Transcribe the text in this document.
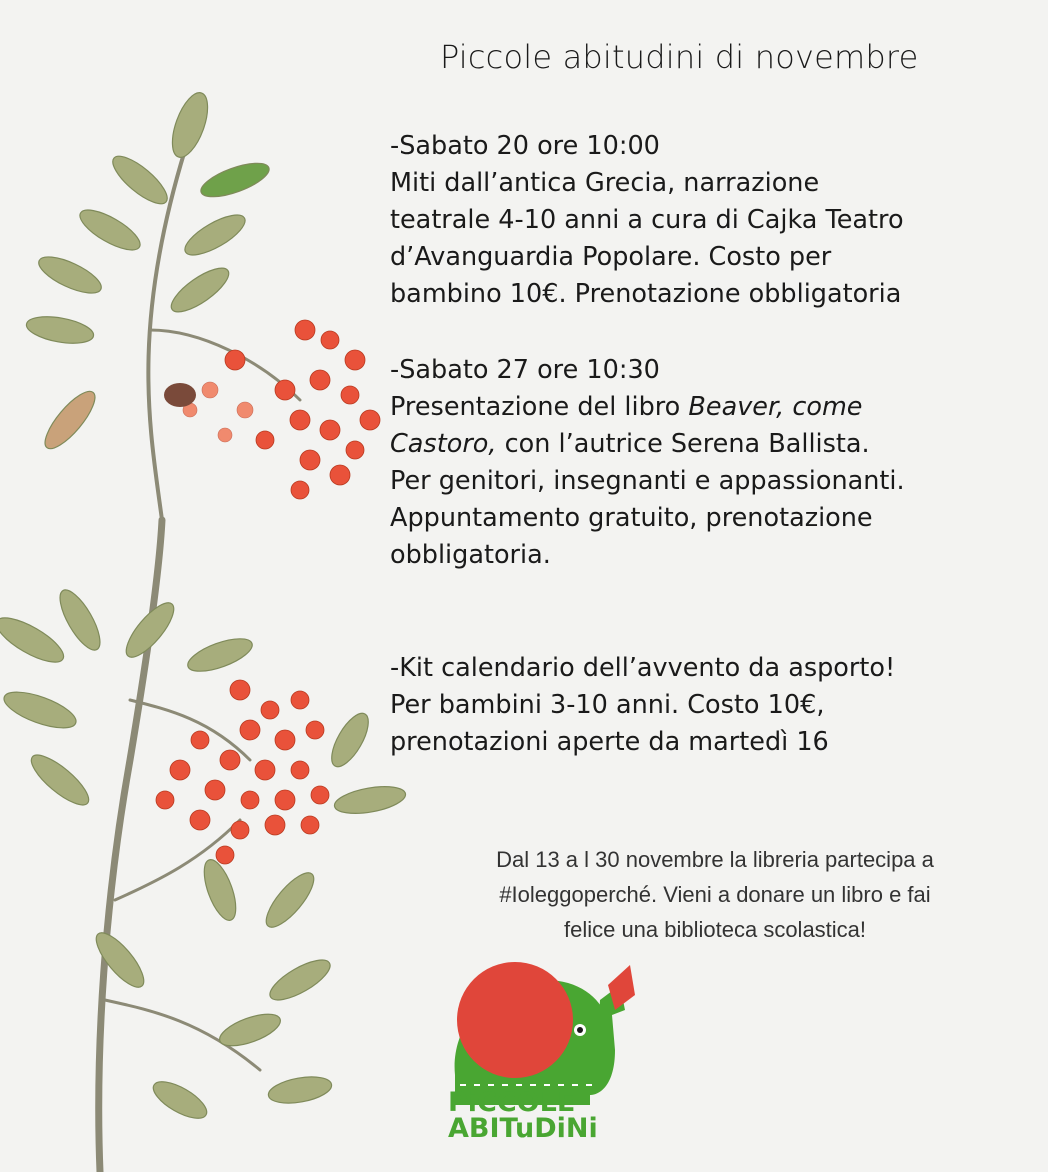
Piccole abitudini di novembre

-Sabato 20 ore 10:00

Miti dall’antica Grecia, narrazione

teatrale 4-10 anni a cura di Cajka Teatro

d’Avanguardia Popolare. Costo per

bambino 10€. Prenotazione obbligatoria

-Sabato 27 ore 10:30

Presentazione del libro Beaver, come

Castoro, con l’autrice Serena Ballista.

Per genitori, insegnanti e appassionanti.

Appuntamento gratuito, prenotazione

obbligatoria.

-Kit calendario dell’avvento da asporto!

Per bambini 3-10 anni. Costo 10€,

prenotazioni aperte da martedì 16

Dal 13 a l 30 novembre la libreria partecipa a
#Ioleggoperché. Vieni a donare un libro e fai
felice una biblioteca scolastica!
PiCCOLE
ABITuDiNi
